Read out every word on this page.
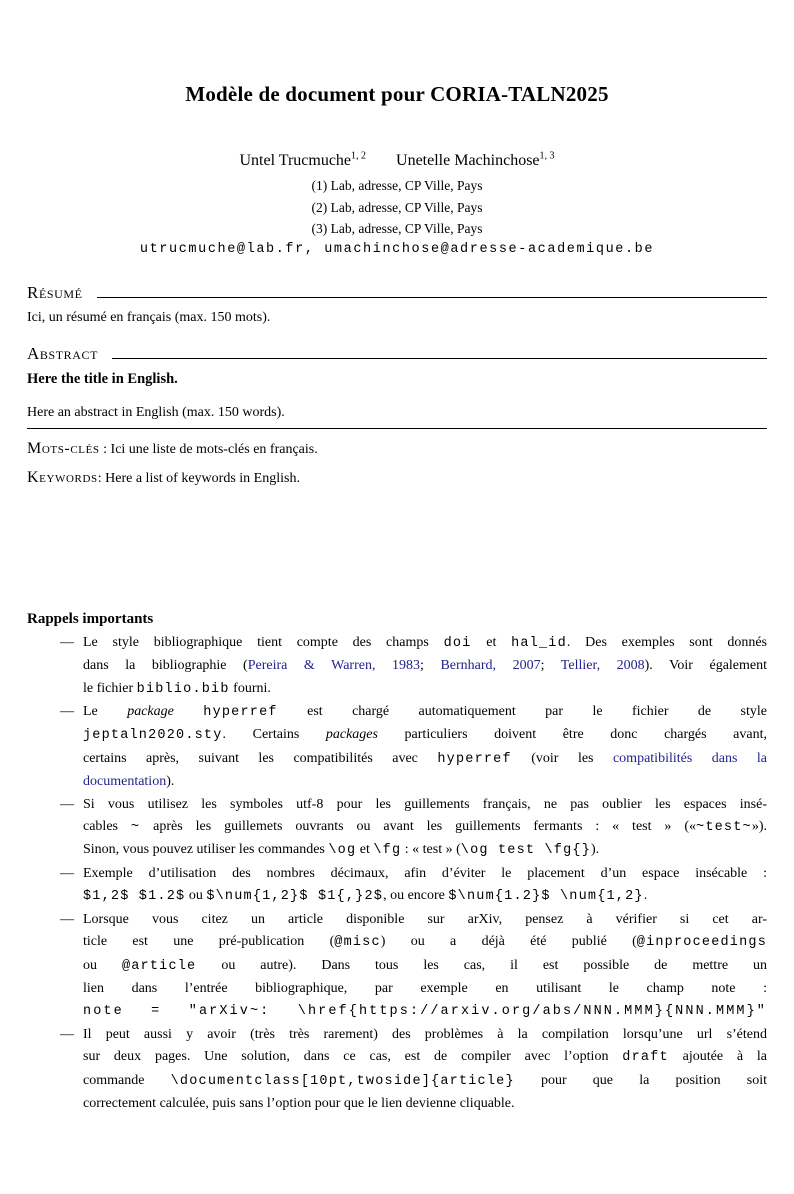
Modèle de document pour CORIA-TALN2025
Untel Trucmuche$^{1, 2}$ Unetelle Machinchose$^{1, 3}$
(1) Lab, adresse, CP Ville, Pays
(2) Lab, adresse, CP Ville, Pays
(3) Lab, adresse, CP Ville, Pays
utrucmuche@lab.fr, umachinchose@adresse-academique.be
Résumé

Ici, un résumé en français (max. 150 mots).

Abstract

Here the title in English.

Here an abstract in English (max. 150 words).

Mots-clés : Ici une liste de mots-clés en français.

Keywords: Here a list of keywords in English.

Rappels importants
— Le style bibliographique tient compte des champs doi et hal_id. Des exemples sont donnés
dans la bibliographie (Pereira & Warren, 1983; Bernhard, 2007; Tellier, 2008). Voir également
le fichier biblio.bib fourni.
— Le package hyperref est chargé automatiquement par le fichier de style
jeptaln2020.sty. Certains packages particuliers doivent être donc chargés avant,
certains après, suivant les compatibilités avec hyperref (voir les compatibilités dans la
documentation).
— Si vous utilisez les symboles utf-8 pour les guillements français, ne pas oublier les espaces insé-
cables ~ après les guillemets ouvrants ou avant les guillements fermants : « test » («~test~»).
Sinon, vous pouvez utiliser les commandes \og et \fg : « test » (\og test \fg{}).
— Exemple d’utilisation des nombres décimaux, afin d’éviter le placement d’un espace insécable :
$1,2$ $1.2$ ou $\num{1,2}$ $1{,}2$, ou encore $\num{1.2}$ \num{1,2}.
— Lorsque vous citez un article disponible sur arXiv, pensez à vérifier si cet ar-
ticle est une pré-publication (@misc) ou a déjà été publié (@inproceedings
ou @article ou autre). Dans tous les cas, il est possible de mettre un
lien dans l’entrée bibliographique, par exemple en utilisant le champ note :
note = "arXiv~: \href{https://arxiv.org/abs/NNN.MMM}{NNN.MMM}"
— Il peut aussi y avoir (très très rarement) des problèmes à la compilation lorsqu’une url s’étend
sur deux pages. Une solution, dans ce cas, est de compiler avec l’option draft ajoutée à la
commande \documentclass[10pt,twoside]{article} pour que la position soit
correctement calculée, puis sans l’option pour que le lien devienne cliquable.
